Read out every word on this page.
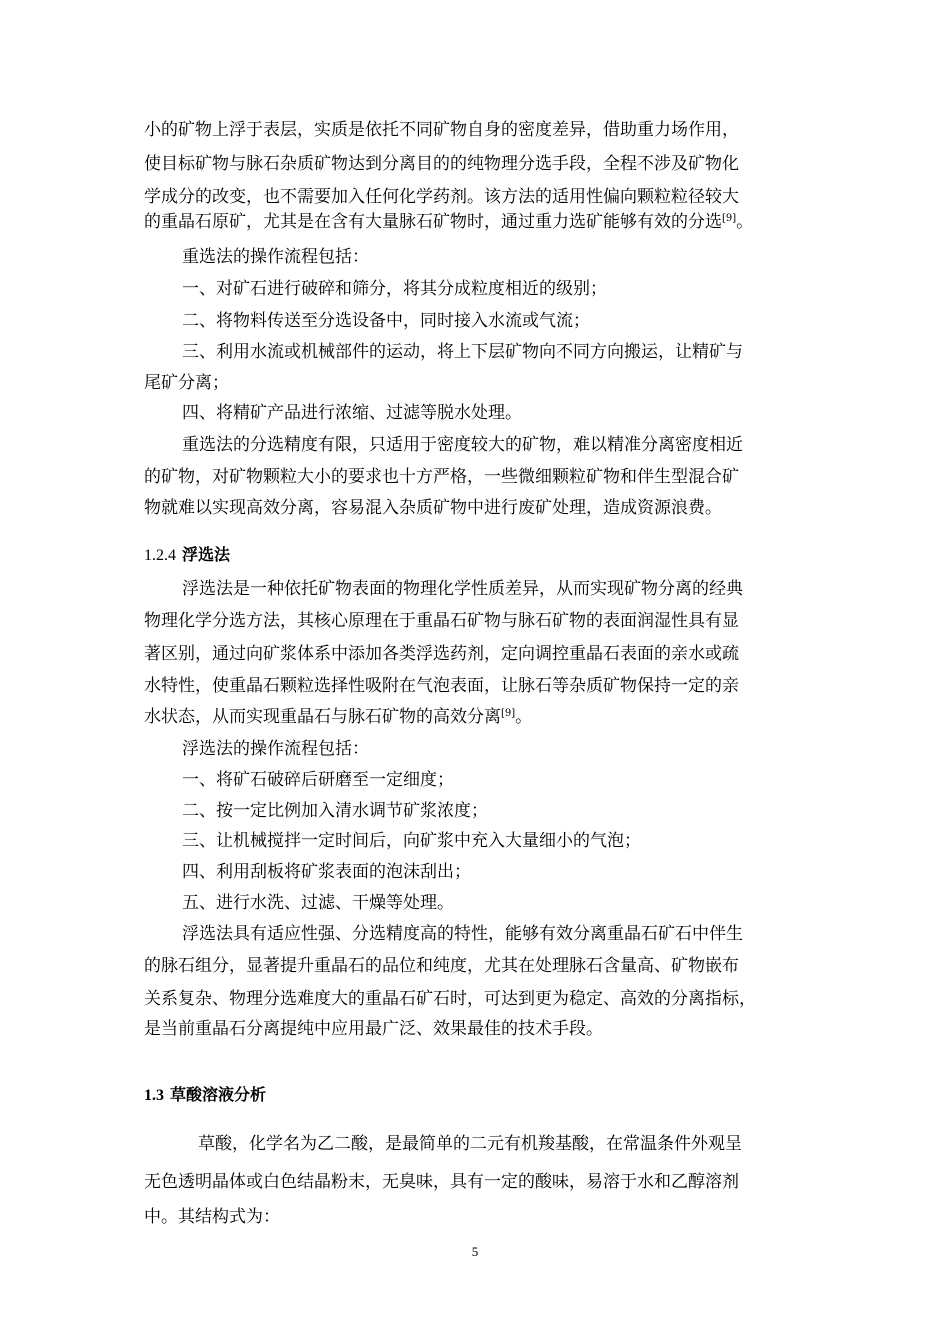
小的矿物上浮于表层，实质是依托不同矿物自身的密度差异，借助重力场作用，
使目标矿物与脉石杂质矿物达到分离目的的纯物理分选手段，全程不涉及矿物化
学成分的改变，也不需要加入任何化学药剂。该方法的适用性偏向颗粒粒径较大
的重晶石原矿，尤其是在含有大量脉石矿物时，通过重力选矿能够有效的分选[9]。
重选法的操作流程包括：
一、对矿石进行破碎和筛分，将其分成粒度相近的级别；
二、将物料传送至分选设备中，同时接入水流或气流；
三、利用水流或机械部件的运动，将上下层矿物向不同方向搬运，让精矿与
尾矿分离；
四、将精矿产品进行浓缩、过滤等脱水处理。
重选法的分选精度有限，只适用于密度较大的矿物，难以精准分离密度相近
的矿物，对矿物颗粒大小的要求也十方严格，一些微细颗粒矿物和伴生型混合矿
物就难以实现高效分离，容易混入杂质矿物中进行废矿处理，造成资源浪费。
1.2.4 浮选法
浮选法是一种依托矿物表面的物理化学性质差异，从而实现矿物分离的经典
物理化学分选方法，其核心原理在于重晶石矿物与脉石矿物的表面润湿性具有显
著区别，通过向矿浆体系中添加各类浮选药剂，定向调控重晶石表面的亲水或疏
水特性，使重晶石颗粒选择性吸附在气泡表面，让脉石等杂质矿物保持一定的亲
水状态，从而实现重晶石与脉石矿物的高效分离[9]。
浮选法的操作流程包括：
一、将矿石破碎后研磨至一定细度；
二、按一定比例加入清水调节矿浆浓度；
三、让机械搅拌一定时间后，向矿浆中充入大量细小的气泡；
四、利用刮板将矿浆表面的泡沫刮出；
五、进行水洗、过滤、干燥等处理。
浮选法具有适应性强、分选精度高的特性，能够有效分离重晶石矿石中伴生
的脉石组分，显著提升重晶石的品位和纯度，尤其在处理脉石含量高、矿物嵌布
关系复杂、物理分选难度大的重晶石矿石时，可达到更为稳定、高效的分离指标，
是当前重晶石分离提纯中应用最广泛、效果最佳的技术手段。
1.3 草酸溶液分析
草酸，化学名为乙二酸，是最简单的二元有机羧基酸，在常温条件外观呈
无色透明晶体或白色结晶粉末，无臭味，具有一定的酸味，易溶于水和乙醇溶剂
中。其结构式为：
5
